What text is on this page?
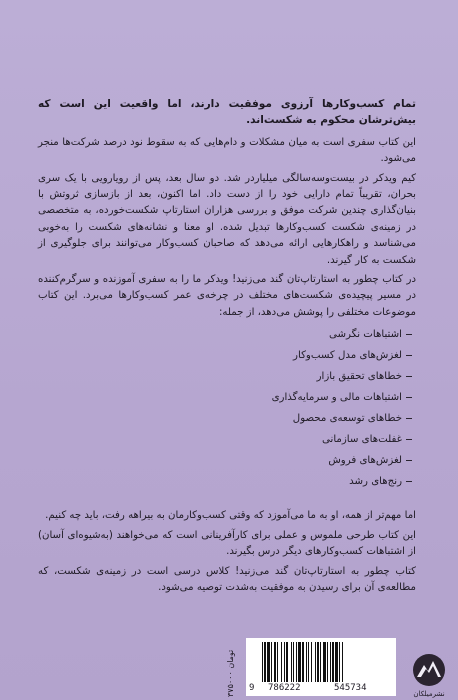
تمام کسب‌وکارها آرزوی موفقیت دارند، اما واقعیت این است که بیش‌ترشان محکوم به شکست‌اند.

این کتاب سفری است به میان مشکلات و دام‌هایی که به سقوط نود درصد شرکت‌ها منجر می‌شود.

کیم ویدکر در بیست‌وسه‌سالگی میلیاردر شد. دو سال بعد، پس از رویارویی با یک سری بحران، تقریباً تمام دارایی خود را از دست داد. اما اکنون، بعد از بازسازی ثروتش با بنیان‌گذاری چندین شرکت موفق و بررسی هزاران استارتاپ شکست‌خورده، به متخصصی در زمینه‌ی شکست کسب‌وکارها تبدیل شده. او معنا و نشانه‌های شکست را به‌خوبی می‌شناسد و راهکارهایی ارائه می‌دهد که صاحبان کسب‌وکار می‌توانند برای جلوگیری از شکست به کار گیرند.

در کتاب چطور به استارتاپ‌تان گند می‌زنید! ویدکر ما را به سفری آموزنده و سرگرم‌کننده در مسیر پیچیده‌ی شکست‌های مختلف در چرخه‌ی عمر کسب‌وکارها می‌برد. این کتاب موضوعات مختلفی را پوشش می‌دهد، از جمله:

اشتباهات نگرشی
لغزش‌های مدل کسب‌وکار
خطاهای تحقیق بازار
اشتباهات مالی و سرمایه‌گذاری
خطاهای توسعه‌ی محصول
غفلت‌های سازمانی
لغزش‌های فروش
رنج‌های رشد

اما مهم‌تر از همه، او به ما می‌آموزد که وقتی کسب‌وکارمان به بیراهه رفت، باید چه کنیم.

این کتاب طرحی ملموس و عملی برای کارآفرینانی است که می‌خواهند (به‌شیوه‌ای آسان) از اشتباهات کسب‌وکارهای دیگر درس بگیرند.

کتاب چطور به استارتاپ‌تان گند می‌زنید! کلاس درسی است در زمینه‌ی شکست، که مطالعه‌ی آن برای رسیدن به موفقیت به‌شدت توصیه می‌شود.

۳۷۵۰۰۰ تومان
9 786222	545734
نشرمیلکان
